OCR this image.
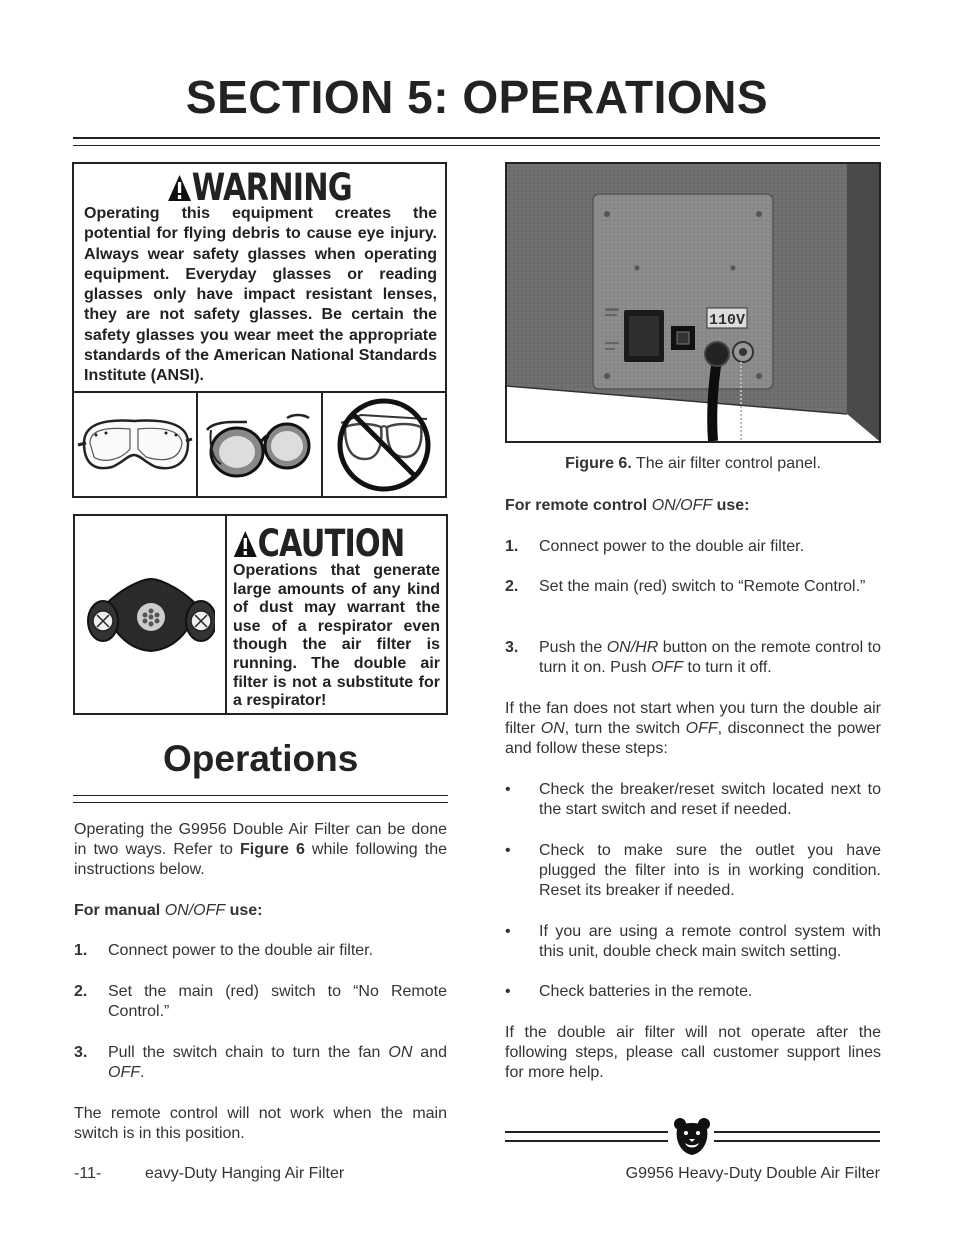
SECTION 5: OPERATIONS
WARNING
Operating this equipment creates the potential for flying debris to cause eye injury. Always wear safety glasses when operating equipment. Everyday glasses or reading glasses only have impact resistant lenses, they are not safety glasses. Be certain the safety glasses you wear meet the appropriate standards of the American National Standards Institute (ANSI).
CAUTION
Operations that generate large amounts of any kind of dust may warrant the use of a respirator even though the air filter is running. The double air filter is not a substitute for a respirator!
Operations
Operating the G9956 Double Air Filter can be done in two ways. Refer to Figure 6 while following the instructions below.
For manual ON/OFF use:
1. Connect power to the double air filter.
2. Set the main (red) switch to “No Remote Control.”
3. Pull the switch chain to turn the fan ON and OFF.
The remote control will not work when the main switch is in this position.
110V
Figure 6. The air filter control panel.
For remote control ON/OFF use:
1. Connect power to the double air filter.
2. Set the main (red) switch to “Remote Control.”
3. Push the ON/HR button on the remote control to turn it on. Push OFF to turn it off.
If the fan does not start when you turn the double air filter ON, turn the switch OFF, disconnect the power and follow these steps:
• Check the breaker/reset switch located next to the start switch and reset if needed.
• Check to make sure the outlet you have plugged the filter into is in working condition. Reset its breaker if needed.
• If you are using a remote control system with this unit, double check main switch setting.
• Check batteries in the remote.
If the double air filter will not operate after the following steps, please call customer support lines for more help.
-11-	eavy-Duty Hanging Air Filter	G9956 Heavy-Duty Double Air Filter
